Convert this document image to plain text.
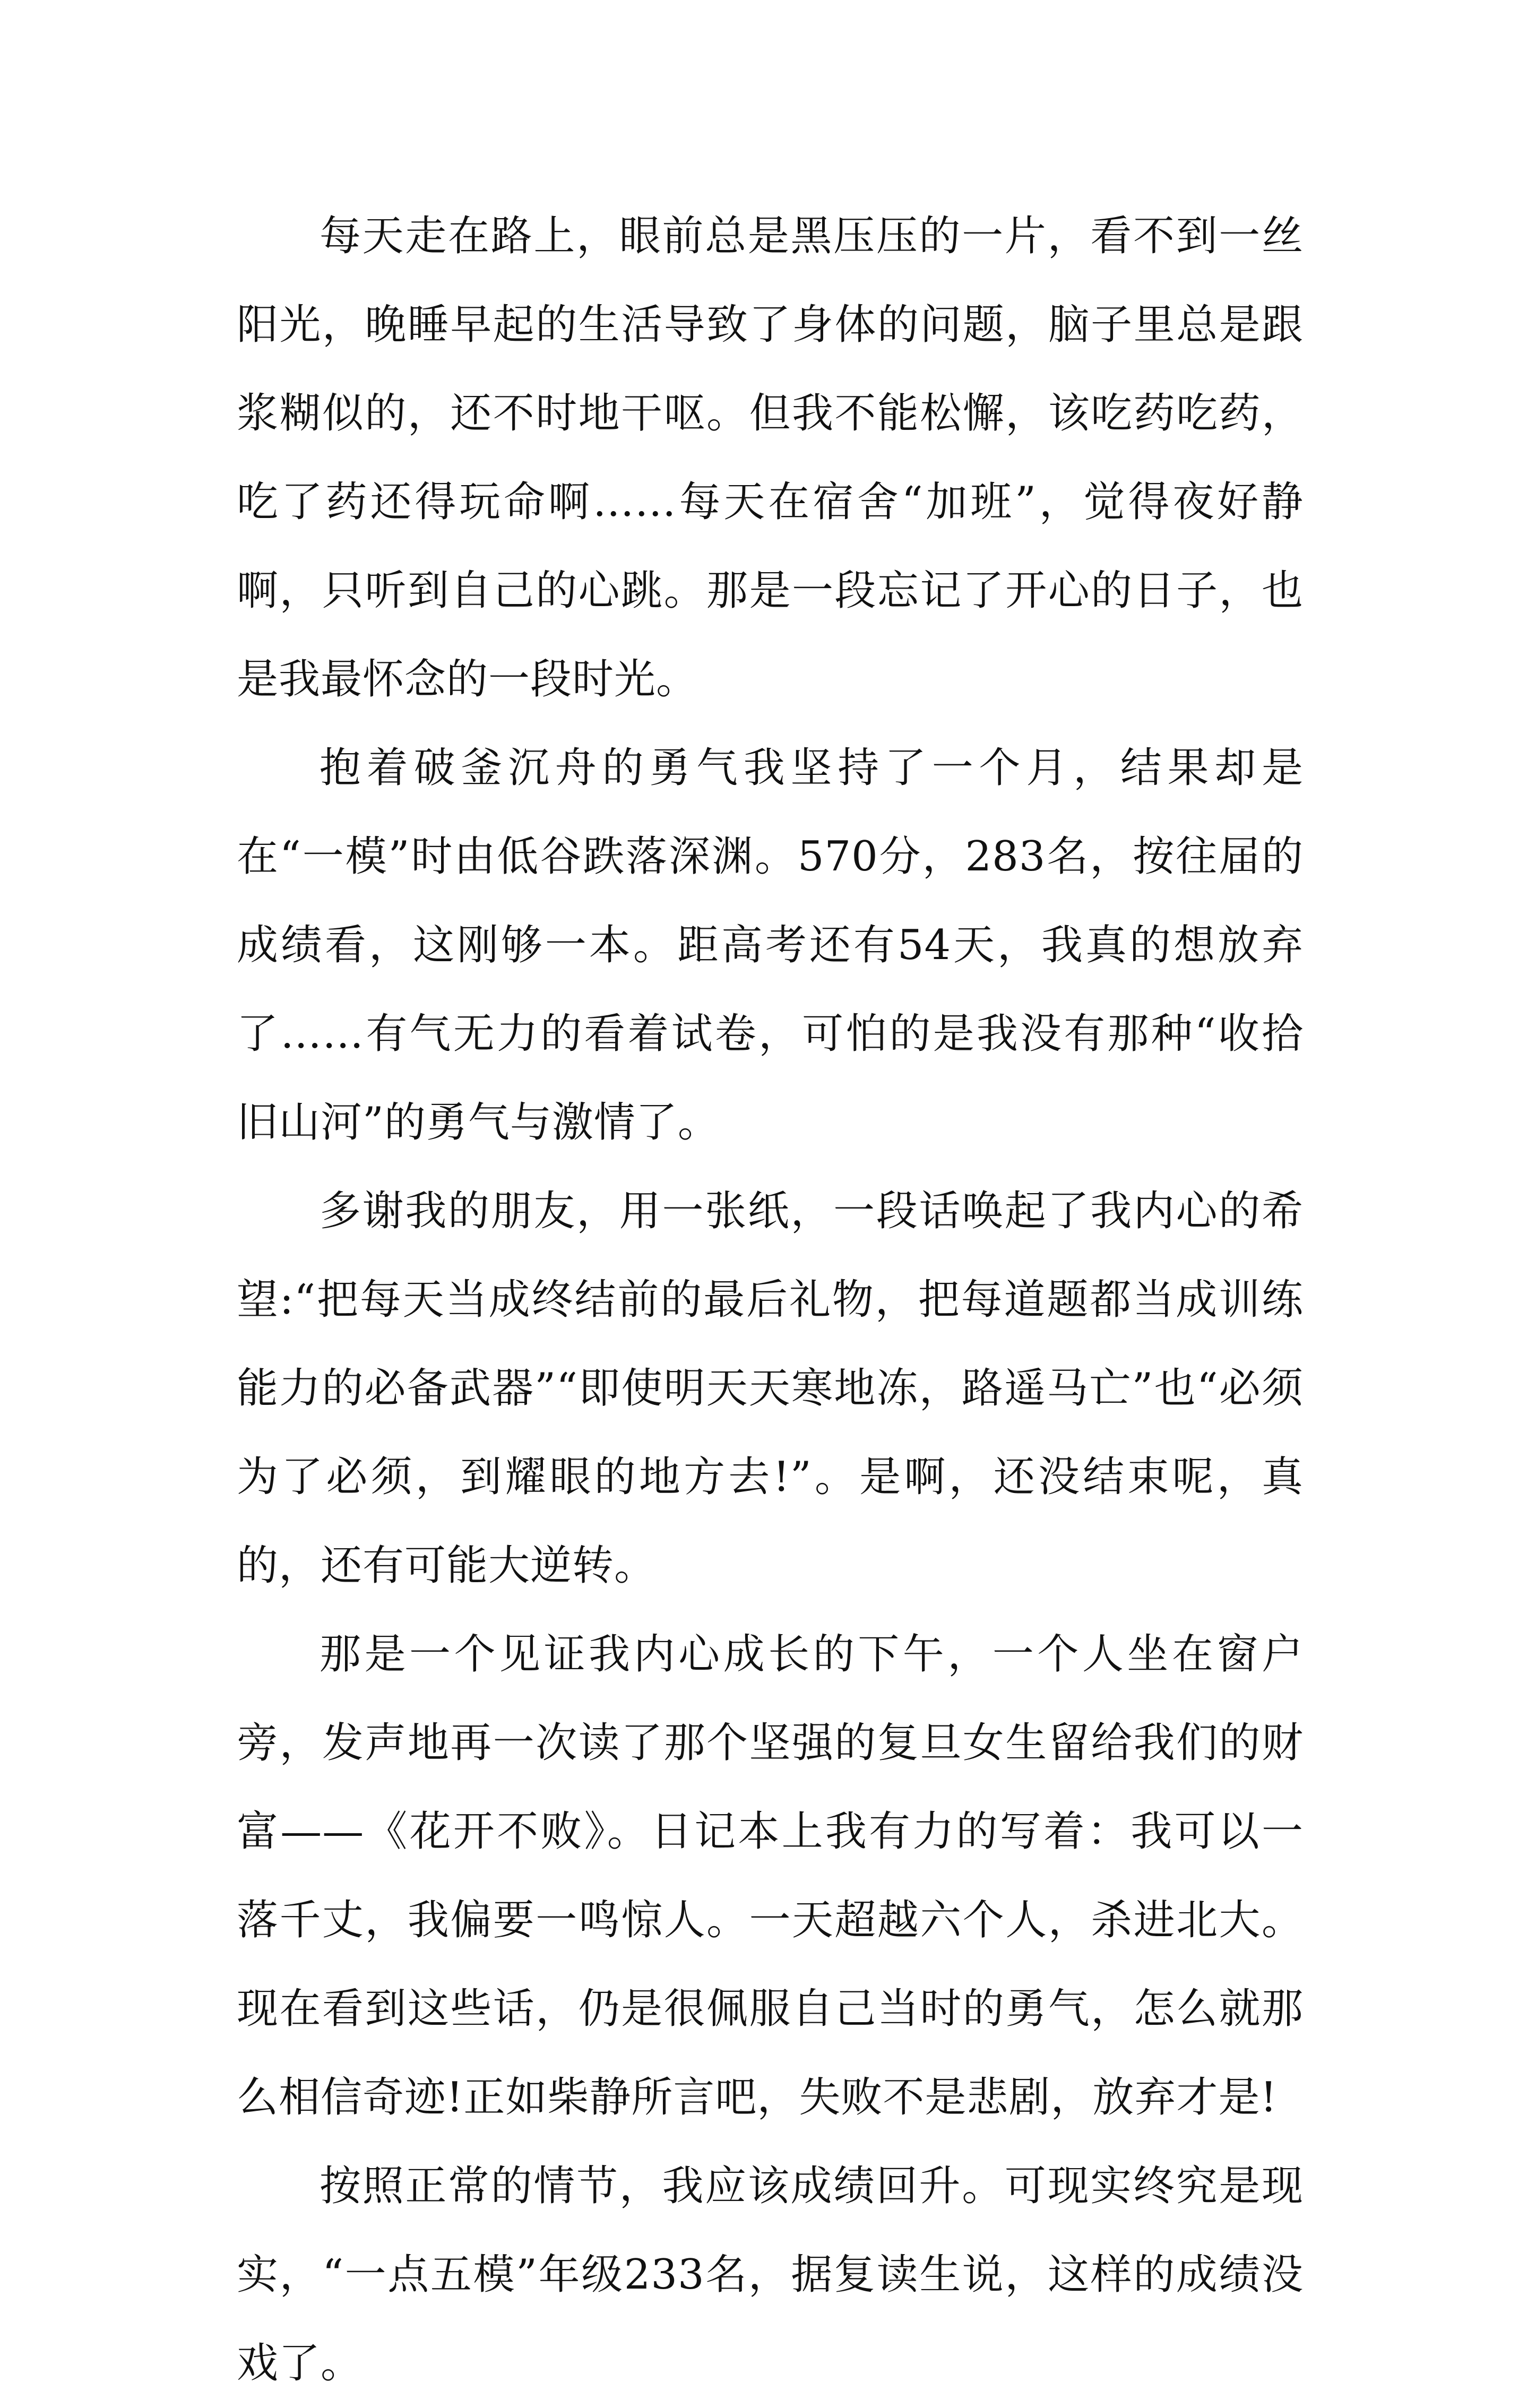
每天走在路上，眼前总是黑压压的一片，看不到一丝阳光，晚睡早起的生活导致了身体的问题，脑子里总是跟浆糊似的，还不时地干呕。但我不能松懈，该吃药吃药，吃了药还得玩命啊……每天在宿舍“加班”，觉得夜好静啊，只听到自己的心跳。那是一段忘记了开心的日子，也是我最怀念的一段时光。

抱着破釜沉舟的勇气我坚持了一个月，结果却是在“一模”时由低谷跌落深渊。570分，283名，按往届的成绩看，这刚够一本。距高考还有54天，我真的想放弃了……有气无力的看着试卷，可怕的是我没有那种“收拾旧山河”的勇气与激情了。

多谢我的朋友，用一张纸，一段话唤起了我内心的希望:“把每天当成终结前的最后礼物，把每道题都当成训练能力的必备武器”“即使明天天寒地冻，路遥马亡”也“必须为了必须，到耀眼的地方去!”。是啊，还没结束呢，真的，还有可能大逆转。

那是一个见证我内心成长的下午，一个人坐在窗户旁，发声地再一次读了那个坚强的复旦女生留给我们的财富——《花开不败》。日记本上我有力的写着：我可以一落千丈，我偏要一鸣惊人。一天超越六个人，杀进北大。现在看到这些话，仍是很佩服自己当时的勇气，怎么就那么相信奇迹!正如柴静所言吧，失败不是悲剧，放弃才是!

按照正常的情节，我应该成绩回升。可现实终究是现实，“一点五模”年级233名，据复读生说，这样的成绩没戏了。
